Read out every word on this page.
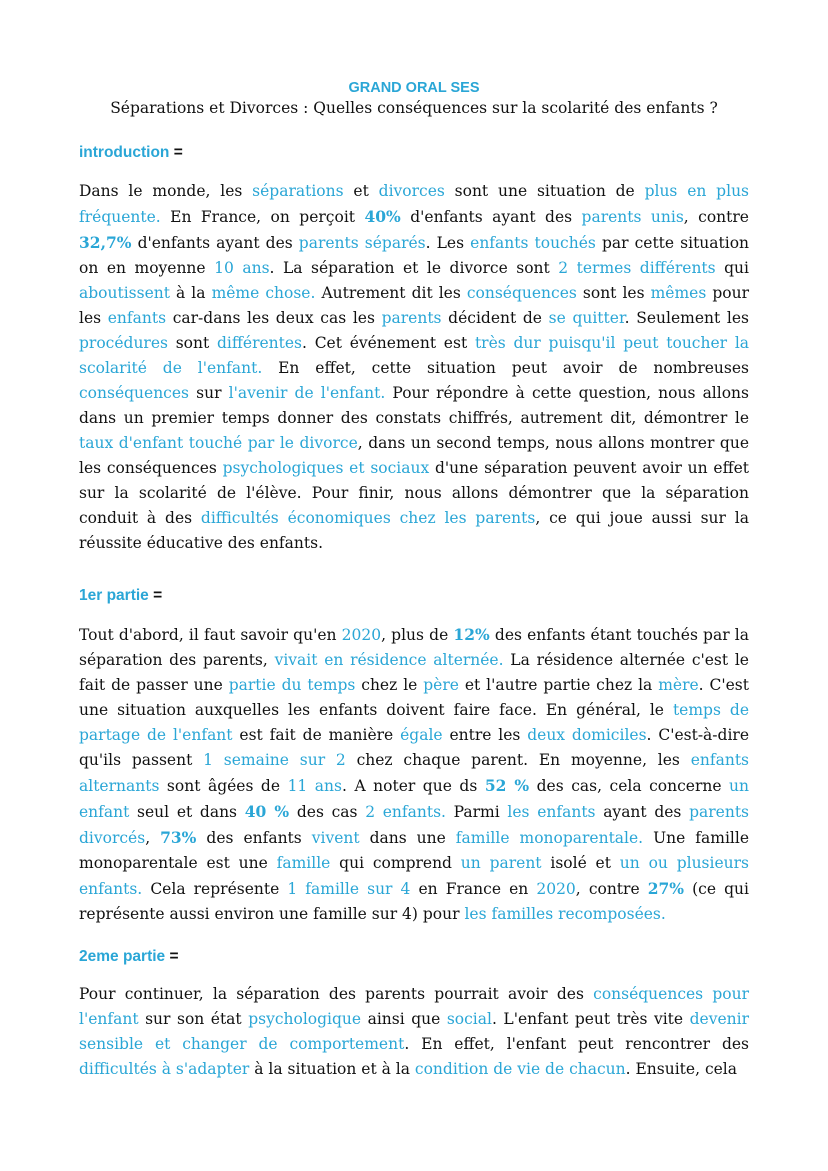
GRAND ORAL SES
Séparations et Divorces : Quelles conséquences sur la scolarité des enfants ?
introduction =

Dans le monde, les séparations et divorces sont une situation de plus en plus fréquente. En France, on perçoit 40% d'enfants ayant des parents unis, contre 32,7% d'enfants ayant des parents séparés. Les enfants touchés par cette situation on en moyenne 10 ans. La séparation et le divorce sont 2 termes différents qui aboutissent à la même chose. Autrement dit les conséquences sont les mêmes pour les enfants car-dans les deux cas les parents décident de se quitter. Seulement les procédures sont différentes. Cet événement est très dur puisqu'il peut toucher la scolarité de l'enfant. En effet, cette situation peut avoir de nombreuses conséquences sur l'avenir de l'enfant. Pour répondre à cette question, nous allons dans un premier temps donner des constats chiffrés, autrement dit, démontrer le taux d'enfant touché par le divorce, dans un second temps, nous allons montrer que les conséquences psychologiques et sociaux d'une séparation peuvent avoir un effet sur la scolarité de l'élève. Pour finir, nous allons démontrer que la séparation conduit à des difficultés économiques chez les parents, ce qui joue aussi sur la réussite éducative des enfants.

1er partie =

Tout d'abord, il faut savoir qu'en 2020, plus de 12% des enfants étant touchés par la séparation des parents, vivait en résidence alternée. La résidence alternée c'est le fait de passer une partie du temps chez le père et l'autre partie chez la mère. C'est une situation auxquelles les enfants doivent faire face. En général, le temps de partage de l'enfant est fait de manière égale entre les deux domiciles. C'est-à-dire qu'ils passent 1 semaine sur 2 chez chaque parent. En moyenne, les enfants alternants sont âgées de 11 ans. A noter que ds 52 % des cas, cela concerne un enfant seul et dans 40 % des cas 2 enfants. Parmi les enfants ayant des parents divorcés, 73% des enfants vivent dans une famille monoparentale. Une famille monoparentale est une famille qui comprend un parent isolé et un ou plusieurs enfants. Cela représente 1 famille sur 4 en France en 2020, contre 27% (ce qui représente aussi environ une famille sur 4) pour les familles recomposées.

2eme partie =

Pour continuer, la séparation des parents pourrait avoir des conséquences pour l'enfant sur son état psychologique ainsi que social. L'enfant peut très vite devenir sensible et changer de comportement. En effet, l'enfant peut rencontrer des difficultés à s'adapter à la situation et à la condition de vie de chacun. Ensuite, cela
